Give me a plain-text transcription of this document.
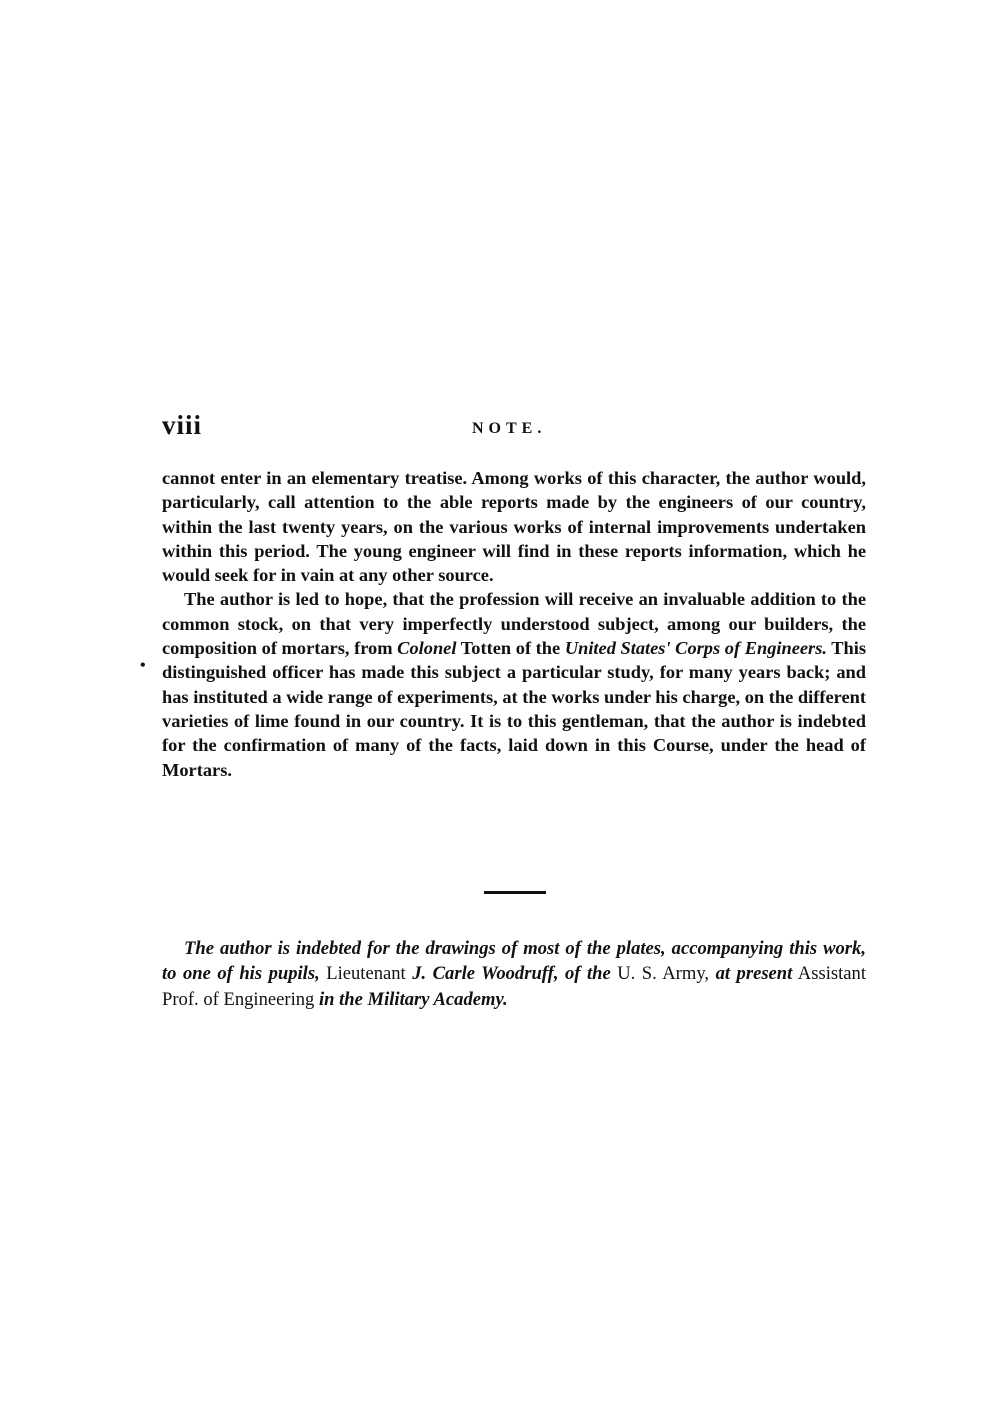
viii	NOTE.

cannot enter in an elementary treatise. Among works of this character, the author would, particularly, call attention to the able reports made by the engineers of our country, within the last twenty years, on the various works of internal improvements undertaken within this period. The young engineer will find in these reports information, which he would seek for in vain at any other source.

The author is led to hope, that the profession will receive an invaluable addition to the common stock, on that very imperfectly understood subject, among our builders, the composition of mortars, from Colonel Totten of the United States' Corps of Engineers. This distinguished officer has made this subject a particular study, for many years back; and has instituted a wide range of experiments, at the works under his charge, on the different varieties of lime found in our country. It is to this gentleman, that the author is indebted for the confirmation of many of the facts, laid down in this Course, under the head of Mortars.

•

The author is indebted for the drawings of most of the plates, accompanying this work, to one of his pupils, Lieutenant J. Carle Woodruff, of the U. S. Army, at present Assistant Prof. of Engineering in the Military Academy.
